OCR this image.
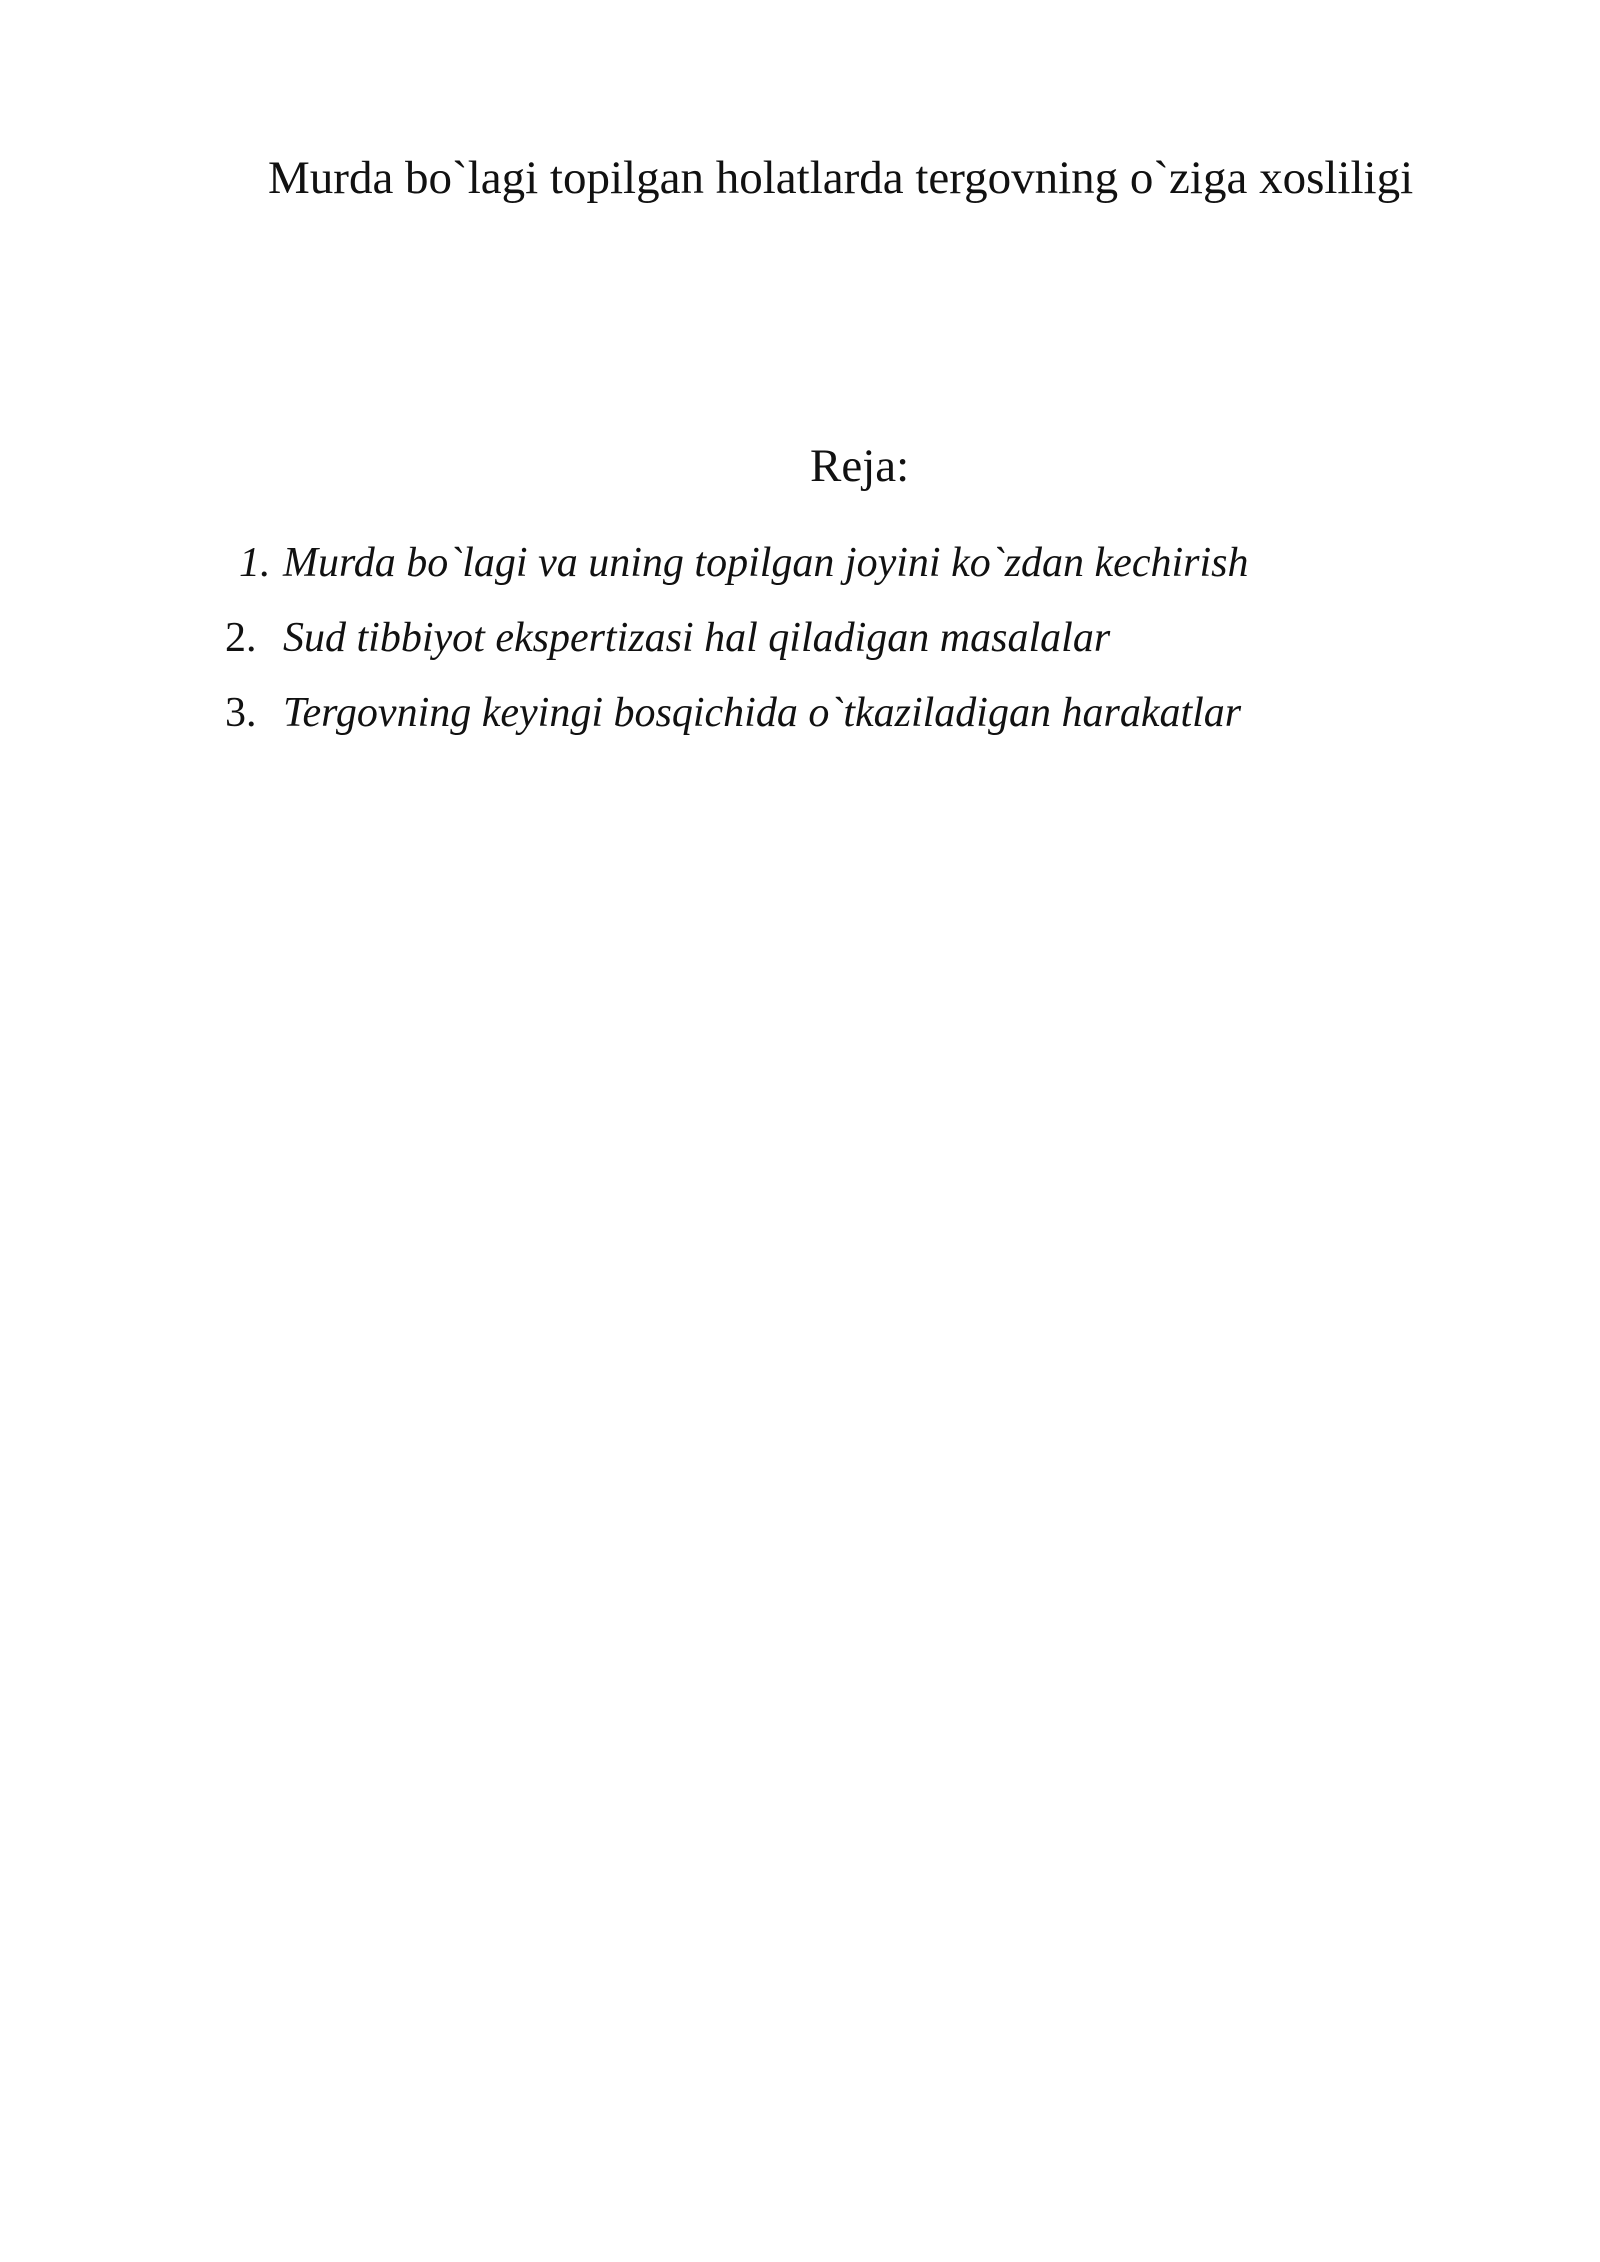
Murda bo`lagi topilgan holatlarda tergovning o`ziga xosliligi
Reja:
1. Murda bo`lagi va uning topilgan joyini ko`zdan kechirish
2. Sud tibbiyot ekspertizasi hal qiladigan masalalar
3. Tergovning keyingi bosqichida o`tkaziladigan harakatlar
